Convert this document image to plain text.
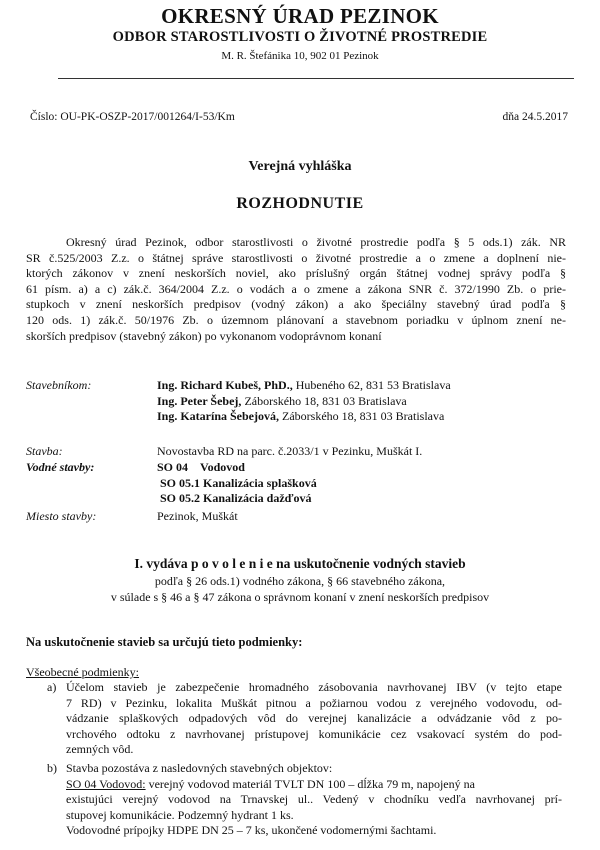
OKRESNÝ ÚRAD PEZINOK
ODBOR STAROSTLIVOSTI O ŽIVOTNÉ PROSTREDIE
M. R. Štefánika 10, 902 01 Pezinok
Číslo: OU-PK-OSZP-2017/001264/I-53/Km	dňa 24.5.2017
Verejná vyhláška
ROZHODNUTIE
Okresný úrad Pezinok, odbor starostlivosti o životné prostredie podľa § 5 ods.1) zák. NR
SR č.525/2003 Z.z. o štátnej správe starostlivosti o životné prostredie a o zmene a doplnení nie-
ktorých zákonov v znení neskorších noviel, ako príslušný orgán štátnej vodnej správy podľa §
61 písm. a) a c) zák.č. 364/2004 Z.z. o vodách a o zmene a zákona SNR č. 372/1990 Zb. o prie-
stupkoch v znení neskorších predpisov (vodný zákon) a ako špeciálny stavebný úrad podľa §
120 ods. 1) zák.č. 50/1976 Zb. o územnom plánovaní a stavebnom poriadku v úplnom znení ne-
skorších predpisov (stavebný zákon) po vykonanom vodoprávnom konaní
Stavebníkom:	Ing. Richard Kubeš, PhD., Hubeného 62, 831 53 Bratislava
Ing. Peter Šebej, Záborského 18, 831 03 Bratislava
Ing. Katarína Šebejová, Záborského 18, 831 03 Bratislava
Stavba:	Novostavba RD na parc. č.2033/1 v Pezinku, Muškát I.
Vodné stavby:	SO 04 Vodovod
SO 05.1 Kanalizácia splašková
SO 05.2 Kanalizácia dažďová
Miesto stavby:	Pezinok, Muškát
I. vydáva p o v o l e n i e na uskutočnenie vodných stavieb
podľa § 26 ods.1) vodného zákona, § 66 stavebného zákona,
v súlade s § 46 a § 47 zákona o správnom konaní v znení neskorších predpisov
Na uskutočnenie stavieb sa určujú tieto podmienky:
Všeobecné podmienky:
a) Účelom stavieb je zabezpečenie hromadného zásobovania navrhovanej IBV (v tejto etape
7 RD) v Pezinku, lokalita Muškát pitnou a požiarnou vodou z verejného vodovodu, od-
vádzanie splaškových odpadových vôd do verejnej kanalizácie a odvádzanie vôd z po-
vrchového odtoku z navrhovanej prístupovej komunikácie cez vsakovací systém do pod-
zemných vôd.
b) Stavba pozostáva z nasledovných stavebných objektov:
SO 04 Vodovod: verejný vodovod materiál TVLT DN 100 – dĺžka 79 m, napojený na
existujúci verejný vodovod na Trnavskej ul.. Vedený v chodníku vedľa navrhovanej prí-
stupovej komunikácie. Podzemný hydrant 1 ks.
Vodovodné prípojky HDPE DN 25 – 7 ks, ukončené vodomernými šachtami.
